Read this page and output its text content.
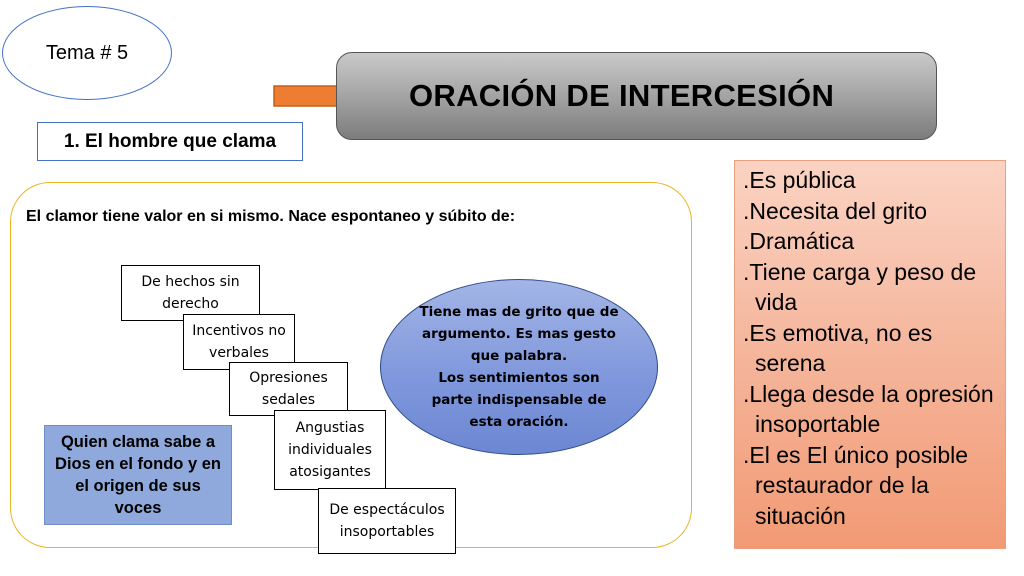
Tema # 5
ORACIÓN DE INTERCESIÓN
1. El hombre que clama
El clamor tiene valor en si mismo. Nace espontaneo y súbito de:
De hechos sin derecho
Incentivos no verbales
Opresiones sedales
Angustias individuales atosigantes
De espectáculos insoportables
Quien clama sabe a Dios en el fondo y en el origen de sus voces
Tiene mas de grito que de argumento. Es mas gesto que palabra.
Los sentimientos son parte indispensable de esta oración.

.Es pública

.Necesita del grito

.Dramática

.Tiene carga y peso de vida

.Es emotiva, no es serena

.Llega desde la opresión insoportable

.El es El único posible restaurador de la situación
